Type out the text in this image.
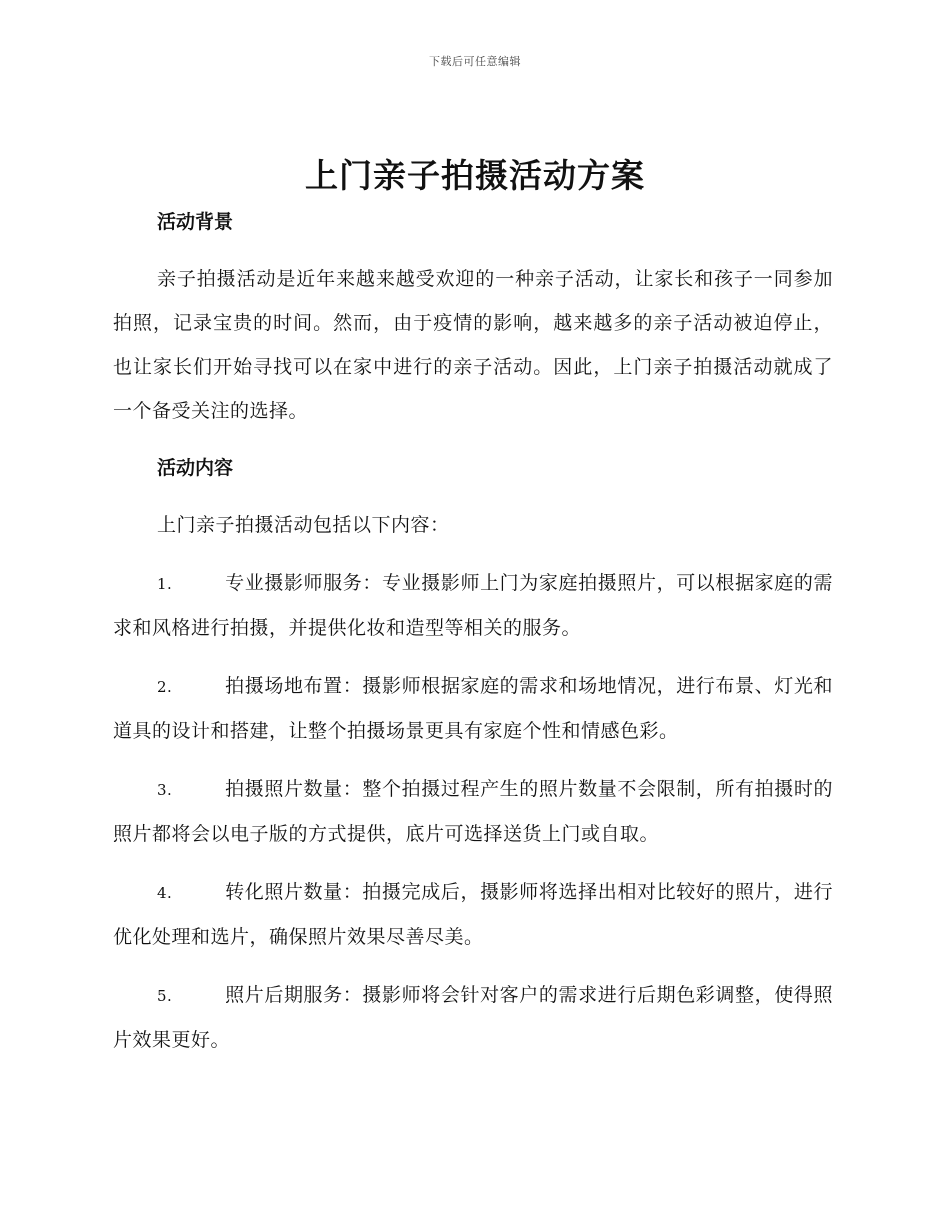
下载后可任意编辑
上门亲子拍摄活动方案
活动背景

亲子拍摄活动是近年来越来越受欢迎的一种亲子活动，让家长和孩子一同参加拍照，记录宝贵的时间。然而，由于疫情的影响，越来越多的亲子活动被迫停止，也让家长们开始寻找可以在家中进行的亲子活动。因此，上门亲子拍摄活动就成了一个备受关注的选择。

活动内容

上门亲子拍摄活动包括以下内容：

1.	专业摄影师服务：专业摄影师上门为家庭拍摄照片，可以根据家庭的需求和风格进行拍摄，并提供化妆和造型等相关的服务。
2.	拍摄场地布置：摄影师根据家庭的需求和场地情况，进行布景、灯光和道具的设计和搭建，让整个拍摄场景更具有家庭个性和情感色彩。
3.	拍摄照片数量：整个拍摄过程产生的照片数量不会限制，所有拍摄时的照片都将会以电子版的方式提供，底片可选择送货上门或自取。
4.	转化照片数量：拍摄完成后，摄影师将选择出相对比较好的照片，进行优化处理和选片，确保照片效果尽善尽美。
5.	照片后期服务：摄影师将会针对客户的需求进行后期色彩调整，使得照片效果更好。
